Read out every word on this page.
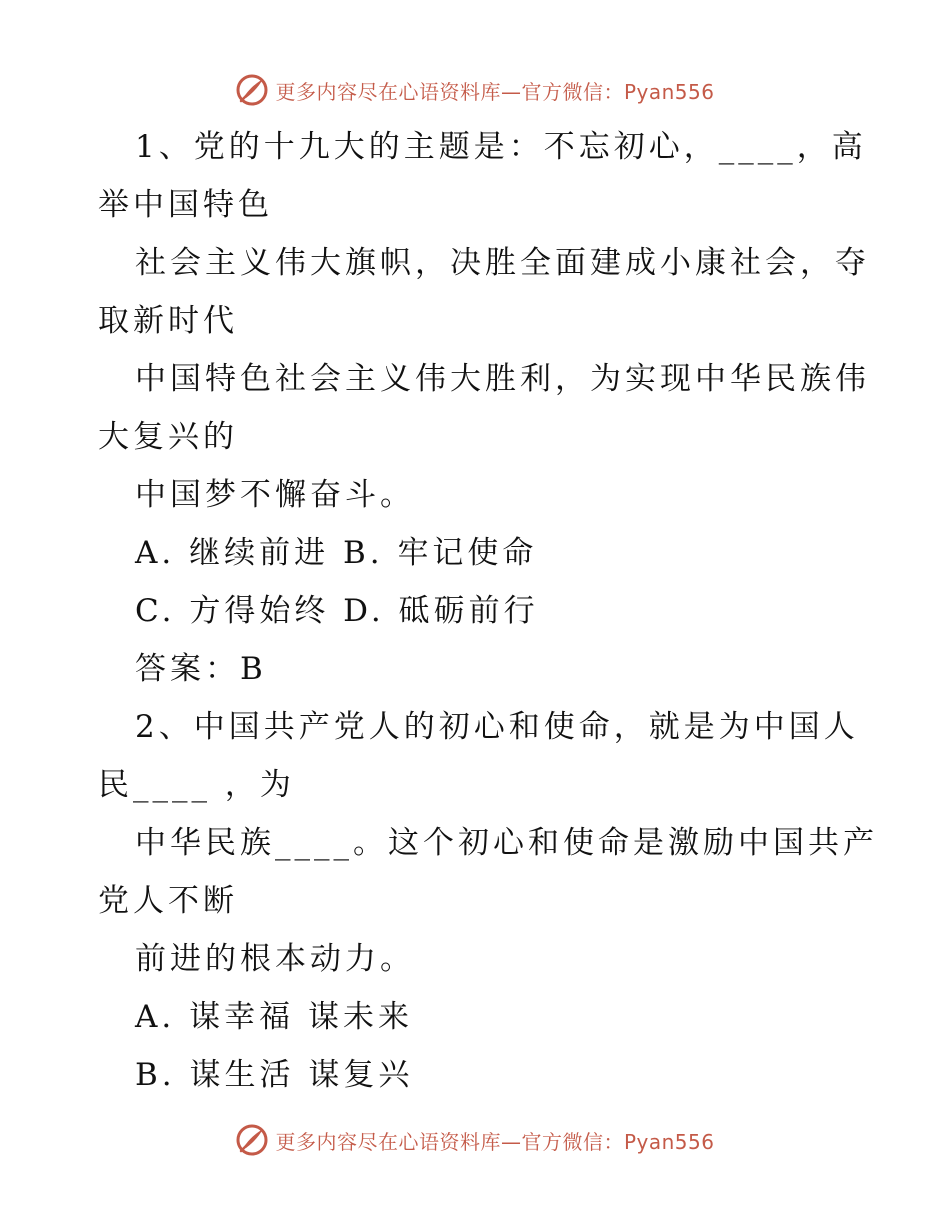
更多内容尽在心语资料库—官方微信：Pyan556
1、党的十九大的主题是：不忘初心，____，高
举中国特色
社会主义伟大旗帜，决胜全面建成小康社会，夺
取新时代
中国特色社会主义伟大胜利，为实现中华民族伟
大复兴的
中国梦不懈奋斗。
A. 继续前进 B. 牢记使命
C. 方得始终 D. 砥砺前行
答案：B
2、中国共产党人的初心和使命，就是为中国人
民____ ，为
中华民族____。这个初心和使命是激励中国共产
党人不断
前进的根本动力。
A. 谋幸福 谋未来
B. 谋生活 谋复兴
更多内容尽在心语资料库—官方微信：Pyan556
